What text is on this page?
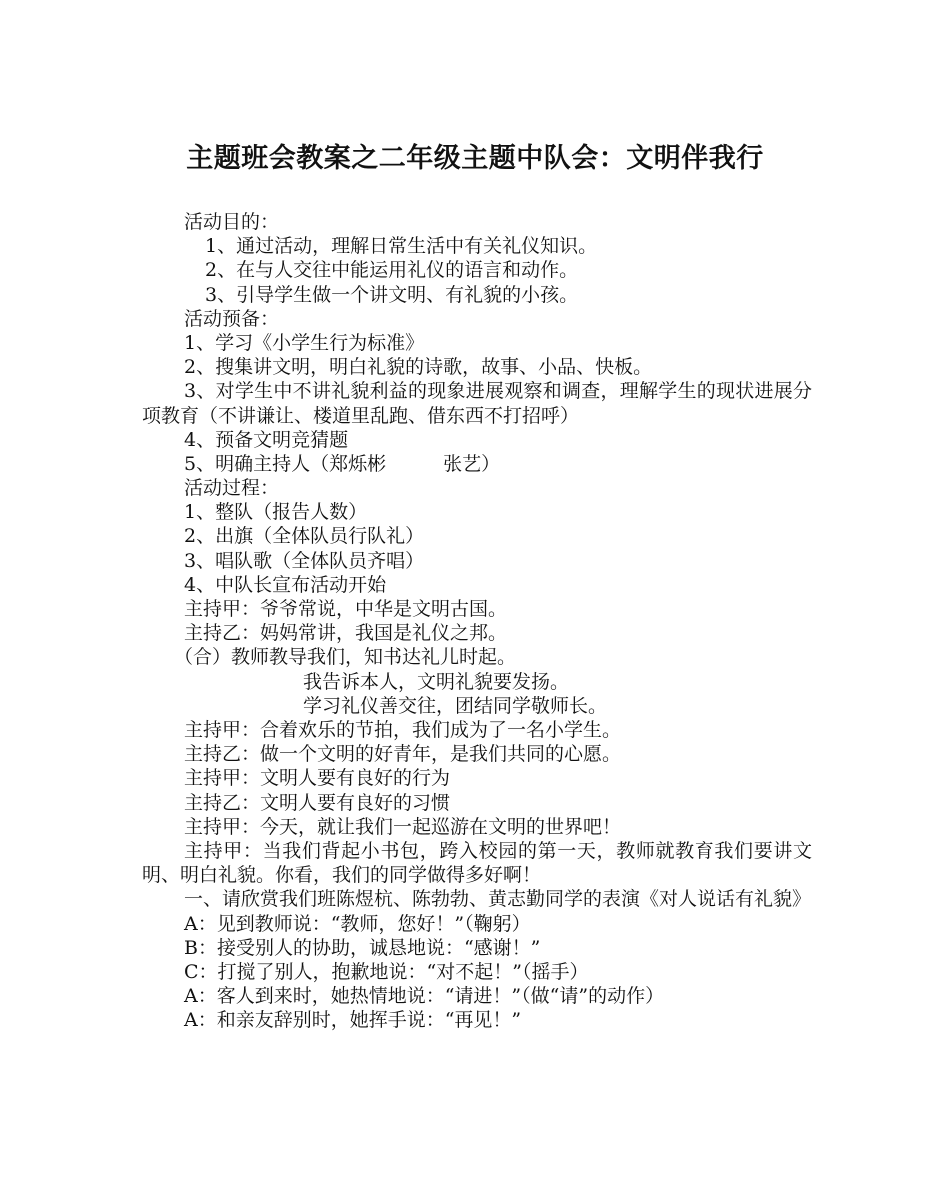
主题班会教案之二年级主题中队会：文明伴我行
活动目的：
1、通过活动，理解日常生活中有关礼仪知识。
2、在与人交往中能运用礼仪的语言和动作。
3、引导学生做一个讲文明、有礼貌的小孩。
活动预备：
1、学习《小学生行为标准》
2、搜集讲文明，明白礼貌的诗歌，故事、小品、快板。
3、对学生中不讲礼貌利益的现象进展观察和调查，理解学生的现状进展分项教育（不讲谦让、楼道里乱跑、借东西不打招呼）
4、预备文明竞猜题
5、明确主持人（郑烁彬　　　张艺）
活动过程：
1、整队（报告人数）
2、出旗（全体队员行队礼）
3、唱队歌（全体队员齐唱）
4、中队长宣布活动开始
主持甲：爷爷常说，中华是文明古国。
主持乙：妈妈常讲，我国是礼仪之邦。
（合）教师教导我们，知书达礼儿时起。
我告诉本人，文明礼貌要发扬。
学习礼仪善交往，团结同学敬师长。
主持甲：合着欢乐的节拍，我们成为了一名小学生。
主持乙：做一个文明的好青年，是我们共同的心愿。
主持甲：文明人要有良好的行为
主持乙：文明人要有良好的习惯
主持甲：今天，就让我们一起巡游在文明的世界吧！
主持甲：当我们背起小书包，跨入校园的第一天，教师就教育我们要讲文明、明白礼貌。你看，我们的同学做得多好啊！
一、请欣赏我们班陈煜杭、陈勃勃、黄志勤同学的表演《对人说话有礼貌》
A：见到教师说：“教师，您好！”（鞠躬）
B：接受别人的协助，诚恳地说：“感谢！”
C：打搅了别人，抱歉地说：“对不起！”（摇手）
A：客人到来时，她热情地说：“请进！”（做“请”的动作）
A：和亲友辞别时，她挥手说：“再见！”
